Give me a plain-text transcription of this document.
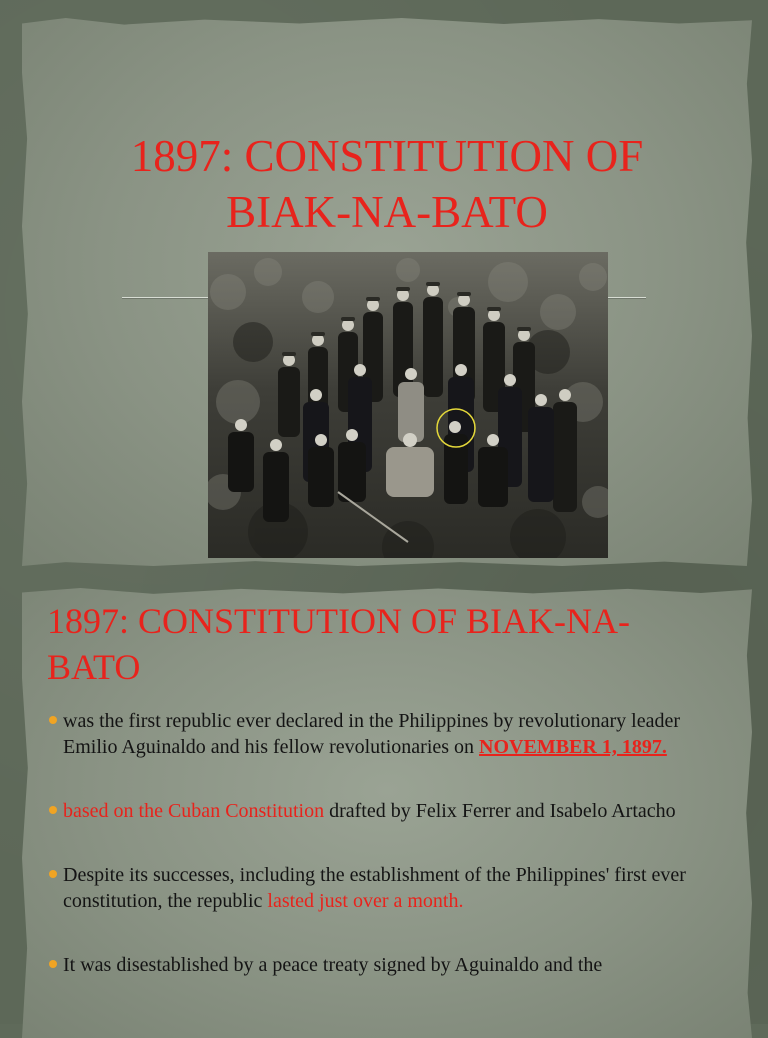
1897: CONSTITUTION OF
BIAK-NA-BATO
1897: CONSTITUTION OF BIAK-NA-
BATO
was the first republic ever declared in the Philippines by revolutionary leader Emilio Aguinaldo and his fellow revolutionaries on NOVEMBER 1, 1897.
based on the Cuban Constitution drafted by Felix Ferrer and Isabelo Artacho
Despite its successes, including the establishment of the Philippines' first ever constitution, the republic lasted just over a month.
It was disestablished by a peace treaty signed by Aguinaldo and the
